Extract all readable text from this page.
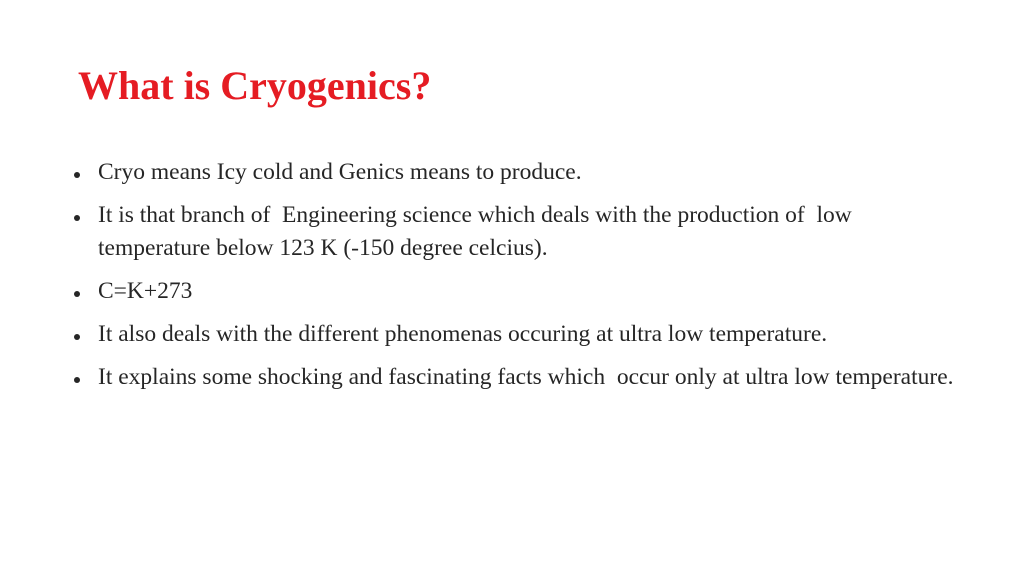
What is Cryogenics?
Cryo means Icy cold and Genics means to produce.
It is that branch of  Engineering science which deals with the production of  low temperature below 123 K (-150 degree celcius).
C=K+273
It also deals with the different phenomenas occuring at ultra low temperature.
It explains some shocking and fascinating facts which  occur only at ultra low temperature.
